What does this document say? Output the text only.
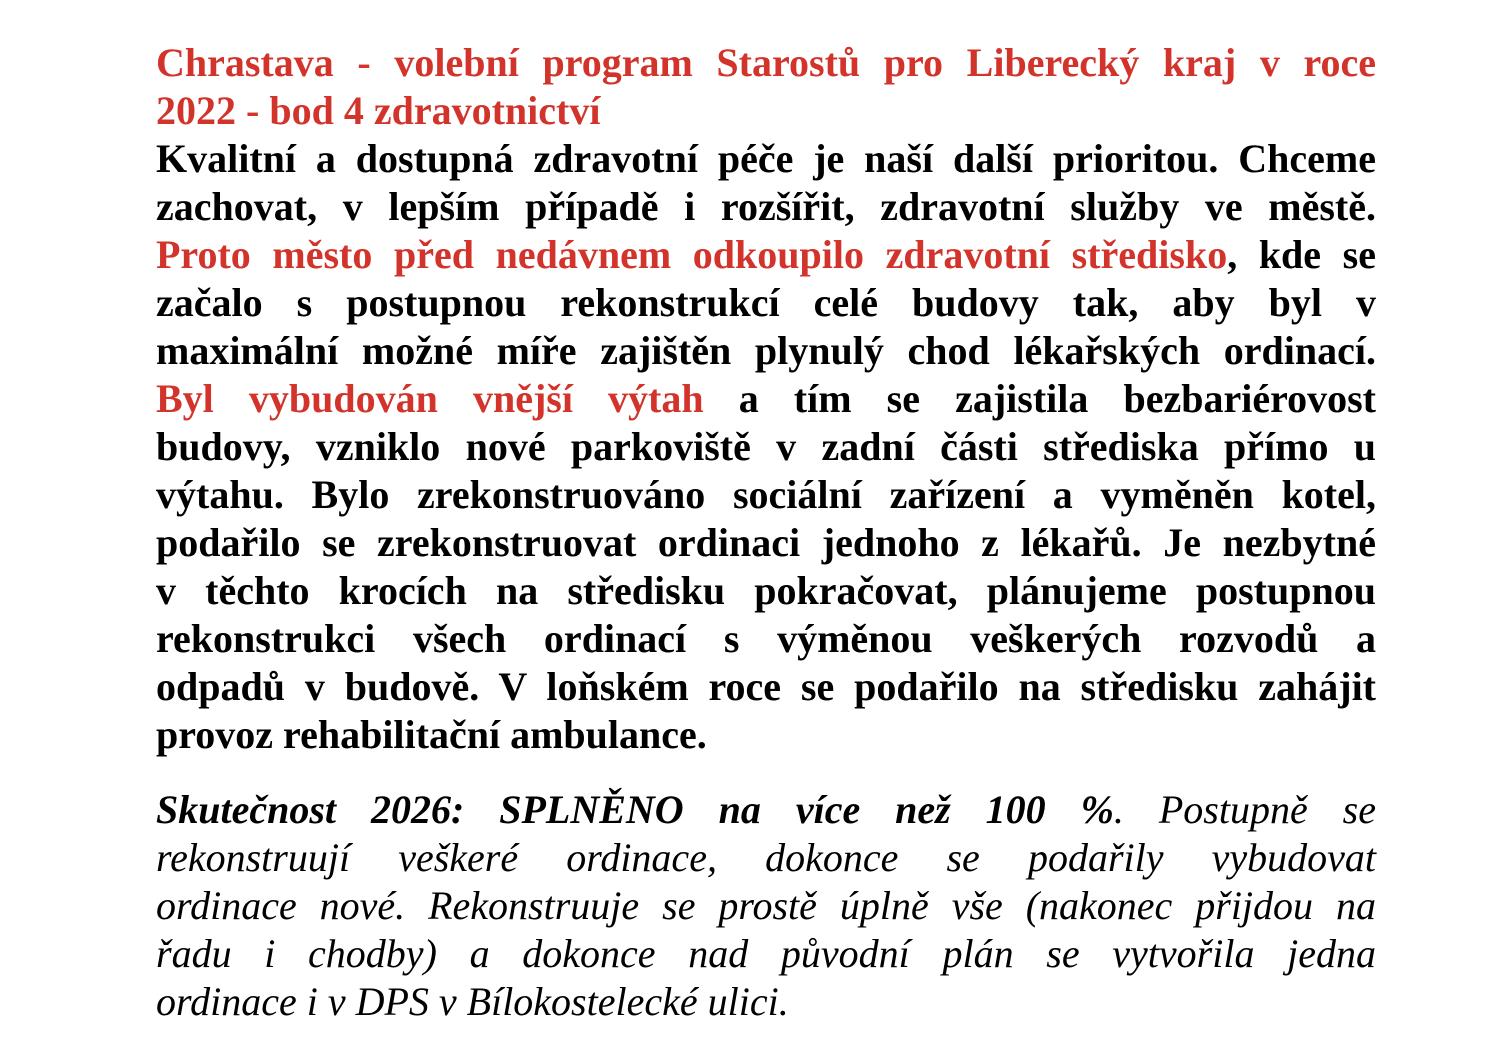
Chrastava - volební program Starostů pro Liberecký kraj v roce
2022 - bod 4 zdravotnictví
Kvalitní a dostupná zdravotní péče je naší další prioritou. Chceme
zachovat, v lepším případě i rozšířit, zdravotní služby ve městě.
Proto město před nedávnem odkoupilo zdravotní středisko, kde se
začalo s postupnou rekonstrukcí celé budovy tak, aby byl v
maximální možné míře zajištěn plynulý chod lékařských ordinací.
Byl vybudován vnější výtah a tím se zajistila bezbariérovost
budovy, vzniklo nové parkoviště v zadní části střediska přímo u
výtahu. Bylo zrekonstruováno sociální zařízení a vyměněn kotel,
podařilo se zrekonstruovat ordinaci jednoho z lékařů. Je nezbytné
v těchto krocích na středisku pokračovat, plánujeme postupnou
rekonstrukci všech ordinací s výměnou veškerých rozvodů a
odpadů v budově. V loňském roce se podařilo na středisku zahájit
provoz rehabilitační ambulance.
Skutečnost 2026: SPLNĚNO na více než 100 %. Postupně se
rekonstruují veškeré ordinace, dokonce se podařily vybudovat
ordinace nové. Rekonstruuje se prostě úplně vše (nakonec přijdou na
řadu i chodby) a dokonce nad původní plán se vytvořila jedna
ordinace i v DPS v Bílokostelecké ulici.
